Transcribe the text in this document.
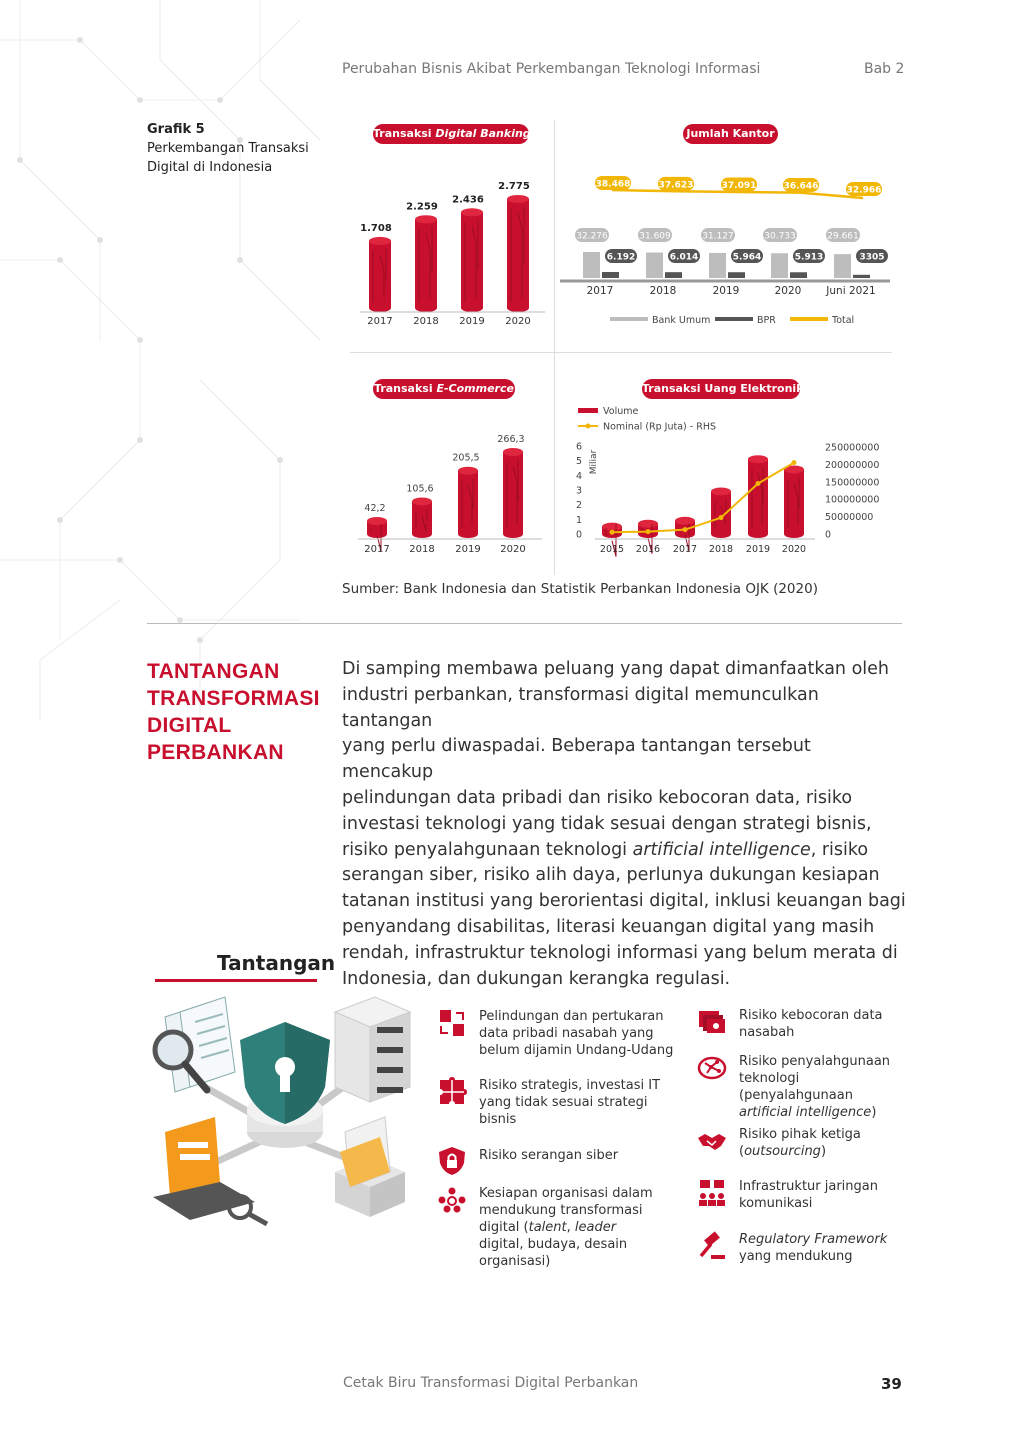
Perubahan Bisnis Akibat Perkembangan Teknologi Informasi	Bab 2
Grafik 5
Perkembangan Transaksi Digital di Indonesia
Transaksi Digital Banking	Jumlah Kantor
Transaksi E-Commerce	Transaksi Uang Elektronik
1.708
2017
2.259
2018
2.436
2019
2.775
2020
32.276
6.192
38.468
2017
31.609
6.014
37.623
2018
31.127
5.964
37.091
2019
30.733
5.913
36.646
2020
29.661
3305
32.966
Juni 2021
Bank Umum	BPR	Total
42,2
2017
105,6
2018
205,5
2019
266,3
2020
Volume
Nominal (Rp Juta) - RHS
0
1
2
3
4
5
6
Miliar
0
50000000
100000000
150000000
200000000
250000000
2015 2016 2017 2018 2019 2020
Sumber: Bank Indonesia dan Statistik Perbankan Indonesia OJK (2020)
TANTANGAN
TRANSFORMASI
DIGITAL
PERBANKAN
Di samping membawa peluang yang dapat dimanfaatkan oleh
industri perbankan, transformasi digital memunculkan tantangan
yang perlu diwaspadai. Beberapa tantangan tersebut mencakup
pelindungan data pribadi dan risiko kebocoran data, risiko
investasi teknologi yang tidak sesuai dengan strategi bisnis,
risiko penyalahgunaan teknologi artificial intelligence, risiko
serangan siber, risiko alih daya, perlunya dukungan kesiapan
tatanan institusi yang berorientasi digital, inklusi keuangan bagi
penyandang disabilitas, literasi keuangan digital yang masih
rendah, infrastruktur teknologi informasi yang belum merata di
Indonesia, dan dukungan kerangka regulasi.
Tantangan
Pelindungan dan pertukaran data pribadi nasabah yang belum dijamin Undang-Udang
Risiko strategis, investasi IT yang tidak sesuai strategi bisnis
Risiko serangan siber
Kesiapan organisasi dalam mendukung transformasi digital (talent, leader digital, budaya, desain organisasi)
Risiko kebocoran data nasabah
Risiko penyalahgunaan teknologi (penyalahgunaan artificial intelligence)
Risiko pihak ketiga (outsourcing)
Infrastruktur jaringan komunikasi
Regulatory Framework
yang mendukung
Cetak Biru Transformasi Digital Perbankan	39
